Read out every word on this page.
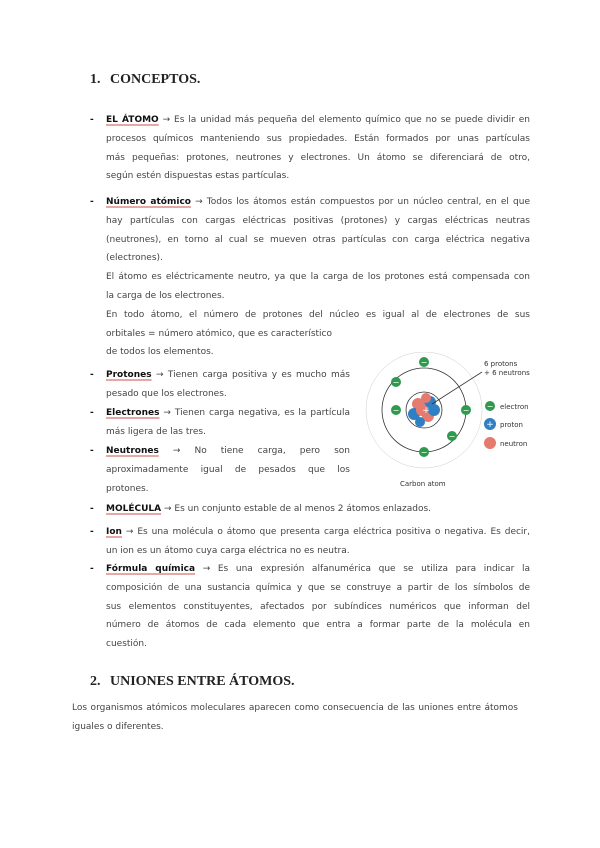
1. CONCEPTOS.
- EL ÁTOMO → Es la unidad más pequeña del elemento químico que no se puede dividir en
procesos químicos manteniendo sus propiedades. Están formados por unas partículas
más pequeñas: protones, neutrones y electrones. Un átomo se diferenciará de otro,
según estén dispuestas estas partículas.
- Número atómico → Todos los átomos están compuestos por un núcleo central, en el que
hay partículas con cargas eléctricas positivas (protones) y cargas eléctricas neutras
(neutrones), en torno al cual se mueven otras partículas con carga eléctrica negativa
(electrones).
El átomo es eléctricamente neutro, ya que la carga de los protones está compensada con
la carga de los electrones.
En todo átomo, el número de protones del núcleo es igual al de electrones de sus
orbitales = número atómico, que es característico
de todos los elementos.
- Protones → Tienen carga positiva y es mucho más
pesado que los electrones.
- Electrones → Tienen carga negativa, es la partícula
más ligera de las tres.
- Neutrones → No tiene carga, pero son
aproximadamente igual de pesados que los
protones.
+
−
−
−
−
−
−
6 protons
+ 6 neutrons
− electron
+ proton
neutron
Carbon atom
- MOLÉCULA → Es un conjunto estable de al menos 2 átomos enlazados.
- Ion → Es una molécula o átomo que presenta carga eléctrica positiva o negativa. Es decir,
un ion es un átomo cuya carga eléctrica no es neutra.
- Fórmula química → Es una expresión alfanumérica que se utiliza para indicar la
composición de una sustancia química y que se construye a partir de los símbolos de
sus elementos constituyentes, afectados por subíndices numéricos que informan del
número de átomos de cada elemento que entra a formar parte de la molécula en
cuestión.
2. UNIONES ENTRE ÁTOMOS.
Los organismos atómicos moleculares aparecen como consecuencia de las uniones entre átomos
iguales o diferentes.
